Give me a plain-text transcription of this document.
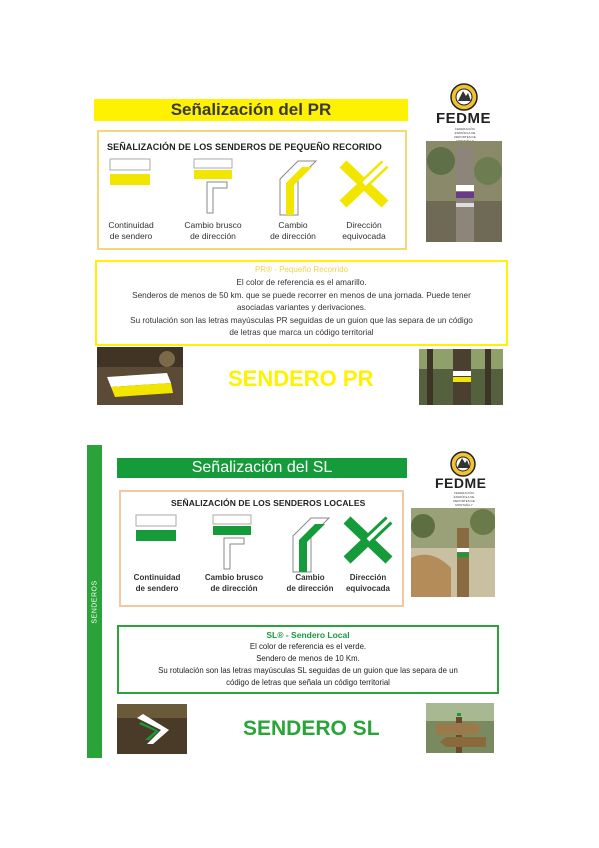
Señalización del PR	FEDME
FEDERACIÓN ESPAÑOLA DE DEPORTES DE
SEÑALIZACIÓN DE LOS SENDEROS DE PEQUEÑO RECORIDO
Continuidad
de sendero
Cambio brusco
de dirección
Cambio
de dirección
Dirección
equivocada
PR® - Pequeño Recorrido
El color de referencia es el amarillo.
Senderos de menos de 50 km. que se puede recorrer en menos de una jornada. Puede tener
asociadas variantes y derivaciones.
Su rotulación son las letras mayúsculas PR seguidas de un guion que las separa de un código
de letras que marca un código territorial
SENDERO PR
SENDEROS
Señalización del SL
FEDME
FEDERACIÓN ESPAÑOLA DE DEPORTES DE MONTAÑA Y
SEÑALIZACIÓN DE LOS SENDEROS LOCALES
Continuidad
de sendero
Cambio brusco
de dirección
Cambio
de dirección
Dirección
equivocada
SL® - Sendero Local
El color de referencia es el verde.
Sendero de menos de 10 Km.
Su rotulación son las letras mayúsculas SL seguidas de un guion que las separa de un
código de letras que señala un código territorial
SENDERO SL
